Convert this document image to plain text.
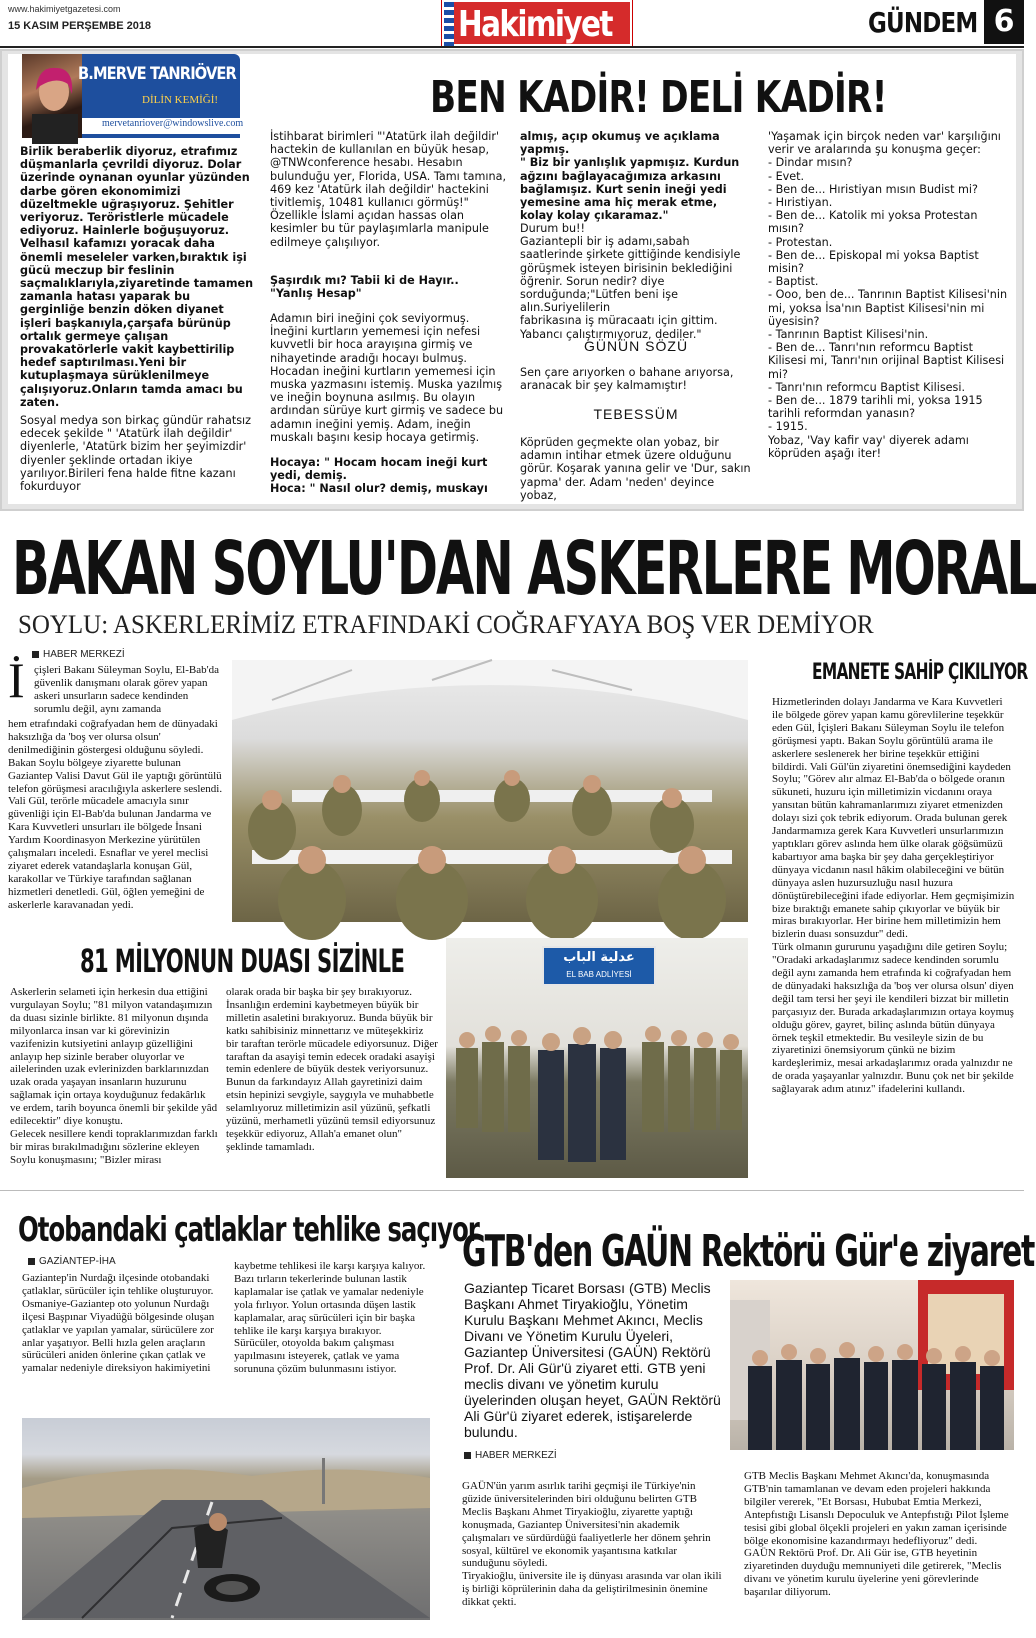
www.hakimiyetgazetesi.com
15 KASIM PERŞEMBE 2018	Hakimiyet	GÜNDEM 6
B.MERVE TANRIÖVER
DİLİN KEMİĞİ!
mervetanriover@windowslive.com
BEN KADİR! DELİ KADİR!
Birlik beraberlik diyoruz, etrafımız düşmanlarla çevrildi diyoruz. Dolar üzerinde oynanan oyunlar yüzünden darbe gören ekonomimizi düzeltmekle uğraşıyoruz. Şehitler veriyoruz. Teröristlerle mücadele ediyoruz. Hainlerle boğuşuyoruz. Velhasıl kafamızı yoracak daha önemli meseleler varken,bıraktık işi gücü meczup bir feslinin saçmalıklarıyla,ziyaretinde tamamen zamanla hatası yaparak bu gerginliğe benzin döken diyanet işleri başkanıyla,çarşafa bürünüp ortalık germeye çalışan provakatörlerle vakit kaybettirilip hedef saptırılması.Yeni bir kutuplaşmaya sürüklenilmeye çalışıyoruz.Onların tamda amacı bu zaten.
Sosyal medya son birkaç gündür rahatsız edecek şekilde " 'Atatürk ilah değildir' diyenlerle, 'Atatürk bizim her şeyimizdir' diyenler şeklinde ortadan ikiye yarılıyor.Birileri fena halde fitne kazanı fokurduyor
İstihbarat birimleri "'Atatürk ilah değildir' hactekin de kullanılan en büyük hesap, @TNWconference hesabı. Hesabın bulunduğu yer, Florida, USA. Tamı tamına, 469 kez 'Atatürk ilah değildir' hactekini tivitlemiş, 10481 kullanıcı görmüş!" Özellikle İslami açıdan hassas olan kesimler bu tür paylaşımlarla manipule edilmeye çalışılıyor.
Şaşırdık mı? Tabii ki de Hayır..
"Yanlış Hesap"
Adamın biri ineğini çok seviyormuş. İneğini kurtların yememesi için nefesi kuvvetli bir hoca arayışına girmiş ve nihayetinde aradığı hocayı bulmuş. Hocadan ineğini kurtların yememesi için muska yazmasını istemiş. Muska yazılmış ve ineğin boynuna asılmış. Bu olayın ardından sürüye kurt girmiş ve sadece bu adamın ineğini yemiş. Adam, ineğin muskalı başını kesip hocaya getirmiş.
Hocaya: " Hocam hocam ineği kurt yedi, demiş.
Hoca: " Nasıl olur? demiş, muskayı
almış, açıp okumuş ve açıklama yapmış.
" Biz bir yanlışlık yapmışız. Kurdun ağzını bağlayacağımıza arkasını bağlamışız. Kurt senin ineği yedi yemesine ama hiç merak etme, kolay kolay çıkaramaz."
Durum bu!!
Gaziantepli bir iş adamı,sabah saatlerinde şirkete gittiğinde kendisiyle görüşmek isteyen birisinin beklediğini öğrenir. Sorun nedir? diye sorduğunda;"Lütfen beni işe alın.Suriyelilerin
fabrikasına iş müracaatı için gittim. Yabancı çalıştırmıyoruz, dediler."
GÜNÜN SÖZÜ
Sen çare arıyorken o bahane arıyorsa, aranacak bir şey kalmamıştır!
TEBESSÜM
Köprüden geçmekte olan yobaz, bir adamın intihar etmek üzere olduğunu görür. Koşarak yanına gelir ve 'Dur, sakın yapma' der. Adam 'neden' deyince yobaz,
'Yaşamak için birçok neden var' karşılığını verir ve aralarında şu konuşma geçer:
- Dindar mısın?
- Evet.
- Ben de... Hıristiyan mısın Budist mi?
- Hıristiyan.
- Ben de... Katolik mi yoksa Protestan mısın?
- Protestan.
- Ben de... Episkopal mi yoksa Baptist misin?
- Baptist.
- Ooo, ben de... Tanrının Baptist Kilisesi'nin mi, yoksa İsa'nın Baptist Kilisesi'nin mi üyesisin?
- Tanrının Baptist Kilisesi'nin.
- Ben de... Tanrı'nın reformcu Baptist Kilisesi mi, Tanrı'nın orijinal Baptist Kilisesi mi?
- Tanrı'nın reformcu Baptist Kilisesi.
- Ben de... 1879 tarihli mi, yoksa 1915 tarihli reformdan yanasın?
- 1915.
Yobaz, 'Vay kafir vay' diyerek adamı köprüden aşağı iter!
BAKAN SOYLU'DAN ASKERLERE MORAL
SOYLU: ASKERLERİMİZ ETRAFINDAKİ COĞRAFYAYA BOŞ VER DEMİYOR
HABER MERKEZİ
İ çişleri Bakanı Süleyman Soylu, El-Bab'da güvenlik danışmanı olarak görev yapan askeri unsurların sadece kendinden sorumlu değil, aynı zamanda
hem etrafındaki coğrafyadan hem de dünyadaki haksızlığa da 'boş ver olursa olsun' denilmediğinin göstergesi olduğunu söyledi. Bakan Soylu bölgeye ziyarette bulunan Gaziantep Valisi Davut Gül ile yaptığı görüntülü telefon görüşmesi aracılığıyla askerlere seslendi.
Vali Gül, terörle mücadele amacıyla sınır güvenliği için El-Bab'da bulunan Jandarma ve Kara Kuvvetleri unsurları ile bölgede İnsani Yardım Koordinasyon Merkezine yürütülen çalışmaları inceledi. Esnaflar ve yerel meclisi ziyaret ederek vatandaşlarla konuşan Gül, karakollar ve Türkiye tarafından sağlanan hizmetleri denetledi. Gül, öğlen yemeğini de askerlerle karavanadan yedi.
EMANETE SAHİP ÇIKILIYOR
Hizmetlerinden dolayı Jandarma ve Kara Kuvvetleri ile bölgede görev yapan kamu görevlilerine teşekkür eden Gül, İçişleri Bakanı Süleyman Soylu ile telefon görüşmesi yaptı. Bakan Soylu görüntülü arama ile askerlere seslenerek her birine teşekkür ettiğini bildirdi. Vali Gül'ün ziyaretini önemsediğini kaydeden Soylu; "Görev alır almaz El-Bab'da o bölgede oranın sükuneti, huzuru için milletimizin vicdanını oraya yansıtan bütün kahramanlarımızı ziyaret etmenizden dolayı sizi çok tebrik ediyorum. Orada bulunan gerek Jandarmamıza gerek Kara Kuvvetleri unsurlarımızın yaptıkları görev aslında hem ülke olarak göğsümüzü kabartıyor ama başka bir şey daha gerçekleştiriyor dünyaya vicdanın nasıl hâkim olabileceğini ve bütün dünyaya aslen huzursuzluğu nasıl huzura dönüştürebileceğini ifade ediyorlar. Hem geçmişimizin bize bıraktığı emanete sahip çıkıyorlar ve büyük bir miras bırakıyorlar. Her birine hem milletimizin hem bizlerin duası sonsuzdur" dedi.
Türk olmanın gururunu yaşadığını dile getiren Soylu; "Oradaki arkadaşlarımız sadece kendinden sorumlu değil aynı zamanda hem etrafında ki coğrafyadan hem de dünyadaki haksızlığa da 'boş ver olursa olsun' diyen değil tam tersi her şeyi ile kendileri bizzat bir milletin parçasıyız der. Burada arkadaşlarımızın ortaya koymuş olduğu görev, gayret, bilinç aslında bütün dünyaya örnek teşkil etmektedir. Bu vesileyle sizin de bu ziyaretinizi önemsiyorum çünkü ne bizim kardeşlerimiz, mesai arkadaşlarımız orada yalnızdır ne de orada yaşayanlar yalnızdır. Bunu çok net bir şekilde sağlayarak adım atınız" ifadelerini kullandı.
81 MİLYONUN DUASI SİZİNLE
Askerlerin selameti için herkesin dua ettiğini vurgulayan Soylu; "81 milyon vatandaşımızın da duası sizinle birlikte. 81 milyonun dışında milyonlarca insan var ki görevinizin vazifenizin kutsiyetini anlayıp güzelliğini anlayıp hep sizinle beraber oluyorlar ve ailelerinden uzak evlerinizden barklarınızdan uzak orada yaşayan insanların huzurunu sağlamak için ortaya koyduğunuz fedakârlık ve erdem, tarih boyunca önemli bir şekilde yâd edilecektir" diye konuştu.
Gelecek nesillere kendi topraklarımızdan farklı bir miras bırakılmadığını sözlerine ekleyen Soylu konuşmasını; "Bizler mirası
olarak orada bir başka bir şey bırakıyoruz. İnsanlığın erdemini kaybetmeyen büyük bir milletin asaletini bırakıyoruz. Bunda büyük bir katkı sahibisiniz minnettarız ve müteşekkiriz bir taraftan terörle mücadele ediyorsunuz. Diğer taraftan da asayişi temin edecek oradaki asayişi temin edenlere de büyük destek veriyorsunuz. Bunun da farkındayız Allah gayretinizi daim etsin hepinizi sevgiyle, saygıyla ve muhabbetle selamlıyoruz milletimizin asil yüzünü, şefkatli yüzünü, merhametli yüzünü temsil ediyorsunuz teşekkür ediyoruz, Allah'a emanet olun" şeklinde tamamladı.
عدلية الباب
EL BAB ADLİYESİ
Otobandaki çatlaklar tehlike saçıyor
GAZİANTEP-İHA
Gaziantep'in Nurdağı ilçesinde otobandaki çatlaklar, sürücüler için tehlike oluşturuyor.
Osmaniye-Gaziantep oto yolunun Nurdağı ilçesi Başpınar Viyadüğü bölgesinde oluşan çatlaklar ve yapılan yamalar, sürücülere zor anlar yaşatıyor. Belli hızla gelen araçların sürücüleri aniden önlerine çıkan çatlak ve yamalar nedeniyle direksiyon hakimiyetini
kaybetme tehlikesi ile karşı karşıya kalıyor. Bazı tırların tekerlerinde bulunan lastik kaplamalar ise çatlak ve yamalar nedeniyle yola fırlıyor. Yolun ortasında düşen lastik kaplamalar, araç sürücüleri için bir başka tehlike ile karşı karşıya bırakıyor.
Sürücüler, otoyolda bakım çalışması yapılmasını isteyerek, çatlak ve yama sorununa çözüm bulunmasını istiyor.
GTB'den GAÜN Rektörü Gür'e ziyaret
Gaziantep Ticaret Borsası (GTB) Meclis Başkanı Ahmet Tiryakioğlu, Yönetim Kurulu Başkanı Mehmet Akıncı, Meclis Divanı ve Yönetim Kurulu Üyeleri, Gaziantep Üniversitesi (GAÜN) Rektörü Prof. Dr. Ali Gür'ü ziyaret etti. GTB yeni meclis divanı ve yönetim kurulu üyelerinden oluşan heyet, GAÜN Rektörü Ali Gür'ü ziyaret ederek, istişarelerde bulundu.
HABER MERKEZİ
GAÜN'ün yarım asırlık tarihi geçmişi ile Türkiye'nin güzide üniversitelerinden biri olduğunu belirten GTB Meclis Başkanı Ahmet Tiryakioğlu, ziyarette yaptığı konuşmada, Gaziantep Üniversitesi'nin akademik çalışmaları ve sürdürdüğü faaliyetlerle her dönem şehrin sosyal, kültürel ve ekonomik yaşantısına katkılar sunduğunu söyledi.
Tiryakioğlu, üniversite ile iş dünyası arasında var olan ikili iş birliği köprülerinin daha da geliştirilmesinin önemine dikkat çekti.
GTB Meclis Başkanı Mehmet Akıncı'da, konuşmasında GTB'nin tamamlanan ve devam eden projeleri hakkında bilgiler vererek, "Et Borsası, Hububat Emtia Merkezi, Antepfıstığı Lisanslı Depoculuk ve Antepfıstığı Pilot İşleme tesisi gibi global ölçekli projeleri en yakın zaman içerisinde bölge ekonomisine kazandırmayı hedefliyoruz" dedi.
GAÜN Rektörü Prof. Dr. Ali Gür ise, GTB heyetinin ziyaretinden duyduğu memnuniyeti dile getirerek, "Meclis divanı ve yönetim kurulu üyelerine yeni görevlerinde başarılar diliyorum.
